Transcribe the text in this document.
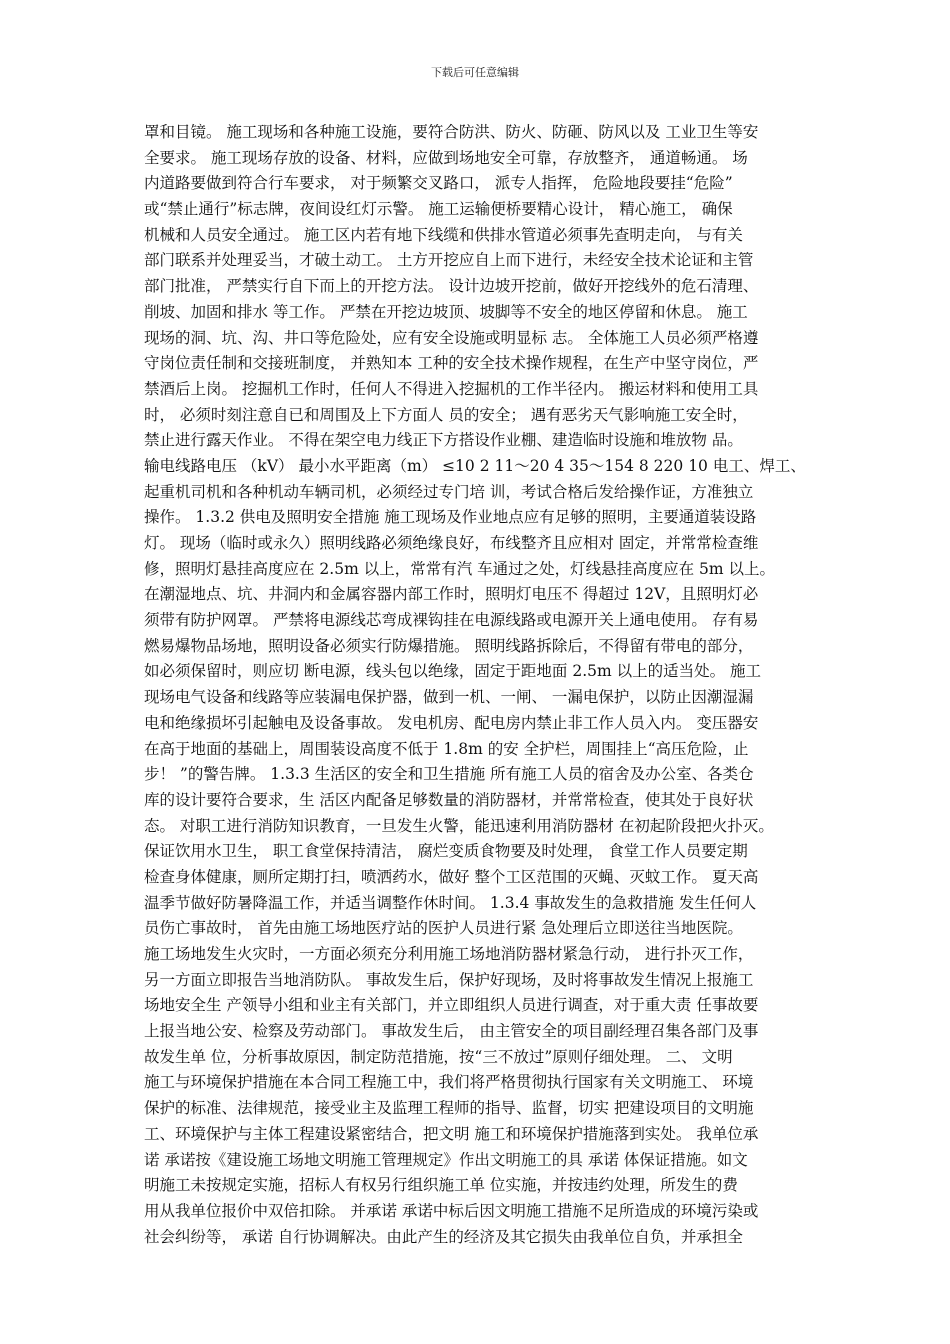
下载后可任意编辑
罩和目镜。 施工现场和各种施工设施，要符合防洪、防火、防砸、防风以及 工业卫生等安
全要求。 施工现场存放的设备、材料，应做到场地安全可靠，存放整齐， 通道畅通。 场
内道路要做到符合行车要求， 对于频繁交叉路口， 派专人指挥， 危险地段要挂“危险”
或“禁止通行”标志牌，夜间设红灯示警。 施工运输便桥要精心设计， 精心施工， 确保
机械和人员安全通过。 施工区内若有地下线缆和供排水管道必须事先查明走向， 与有关
部门联系并处理妥当，才破土动工。 土方开挖应自上而下进行，未经安全技术论证和主管
部门批准， 严禁实行自下而上的开挖方法。 设计边坡开挖前，做好开挖线外的危石清理、
削坡、加固和排水 等工作。 严禁在开挖边坡顶、坡脚等不安全的地区停留和休息。 施工
现场的洞、坑、沟、井口等危险处，应有安全设施或明显标 志。 全体施工人员必须严格遵
守岗位责任制和交接班制度， 并熟知本 工种的安全技术操作规程，在生产中坚守岗位，严
禁酒后上岗。 挖掘机工作时，任何人不得进入挖掘机的工作半径内。 搬运材料和使用工具
时， 必须时刻注意自已和周围及上下方面人 员的安全； 遇有恶劣天气影响施工安全时，
禁止进行露天作业。 不得在架空电力线正下方搭设作业棚、建造临时设施和堆放物 品。
输电线路电压 （kV） 最小水平距离（m） ≤10 2 11～20 4 35～154 8 220 10 电工、焊工、
起重机司机和各种机动车辆司机，必须经过专门培 训，考试合格后发给操作证，方准独立
操作。 1.3.2 供电及照明安全措施 施工现场及作业地点应有足够的照明，主要通道装设路
灯。 现场（临时或永久）照明线路必须绝缘良好，布线整齐且应相对 固定，并常常检查维
修，照明灯悬挂高度应在 2.5m 以上，常常有汽 车通过之处，灯线悬挂高度应在 5m 以上。
在潮湿地点、坑、井洞内和金属容器内部工作时，照明灯电压不 得超过 12V，且照明灯必
须带有防护网罩。 严禁将电源线芯弯成裸钩挂在电源线路或电源开关上通电使用。 存有易
燃易爆物品场地，照明设备必须实行防爆措施。 照明线路拆除后，不得留有带电的部分，
如必须保留时，则应切 断电源，线头包以绝缘，固定于距地面 2.5m 以上的适当处。 施工
现场电气设备和线路等应装漏电保护器，做到一机、一闸、 一漏电保护，以防止因潮湿漏
电和绝缘损坏引起触电及设备事故。 发电机房、配电房内禁止非工作人员入内。 变压器安
在高于地面的基础上，周围装设高度不低于 1.8m 的安 全护栏，周围挂上“高压危险，止
步！ ”的警告牌。 1.3.3 生活区的安全和卫生措施 所有施工人员的宿舍及办公室、各类仓
库的设计要符合要求，生 活区内配备足够数量的消防器材，并常常检查，使其处于良好状
态。 对职工进行消防知识教育，一旦发生火警，能迅速利用消防器材 在初起阶段把火扑灭。
保证饮用水卫生， 职工食堂保持清洁， 腐烂变质食物要及时处理， 食堂工作人员要定期
检查身体健康，厕所定期打扫，喷洒药水，做好 整个工区范围的灭蝇、灭蚊工作。 夏天高
温季节做好防暑降温工作，并适当调整作休时间。 1.3.4 事故发生的急救措施 发生任何人
员伤亡事故时， 首先由施工场地医疗站的医护人员进行紧 急处理后立即送往当地医院。
施工场地发生火灾时，一方面必须充分利用施工场地消防器材紧急行动， 进行扑灭工作，
另一方面立即报告当地消防队。 事故发生后，保护好现场，及时将事故发生情况上报施工
场地安全生 产领导小组和业主有关部门，并立即组织人员进行调查，对于重大责 任事故要
上报当地公安、检察及劳动部门。 事故发生后， 由主管安全的项目副经理召集各部门及事
故发生单 位，分析事故原因，制定防范措施，按“三不放过”原则仔细处理。 二、 文明
施工与环境保护措施在本合同工程施工中，我们将严格贯彻执行国家有关文明施工、 环境
保护的标准、法律规范，接受业主及监理工程师的指导、监督，切实 把建设项目的文明施
工、环境保护与主体工程建设紧密结合，把文明 施工和环境保护措施落到实处。 我单位承
诺 承诺按《建设施工场地文明施工管理规定》作出文明施工的具 承诺 体保证措施。如文
明施工未按规定实施，招标人有权另行组织施工单 位实施，并按违约处理，所发生的费
用从我单位报价中双倍扣除。 并承诺 承诺中标后因文明施工措施不足所造成的环境污染或
社会纠纷等， 承诺 自行协调解决。由此产生的经济及其它损失由我单位自负，并承担全
